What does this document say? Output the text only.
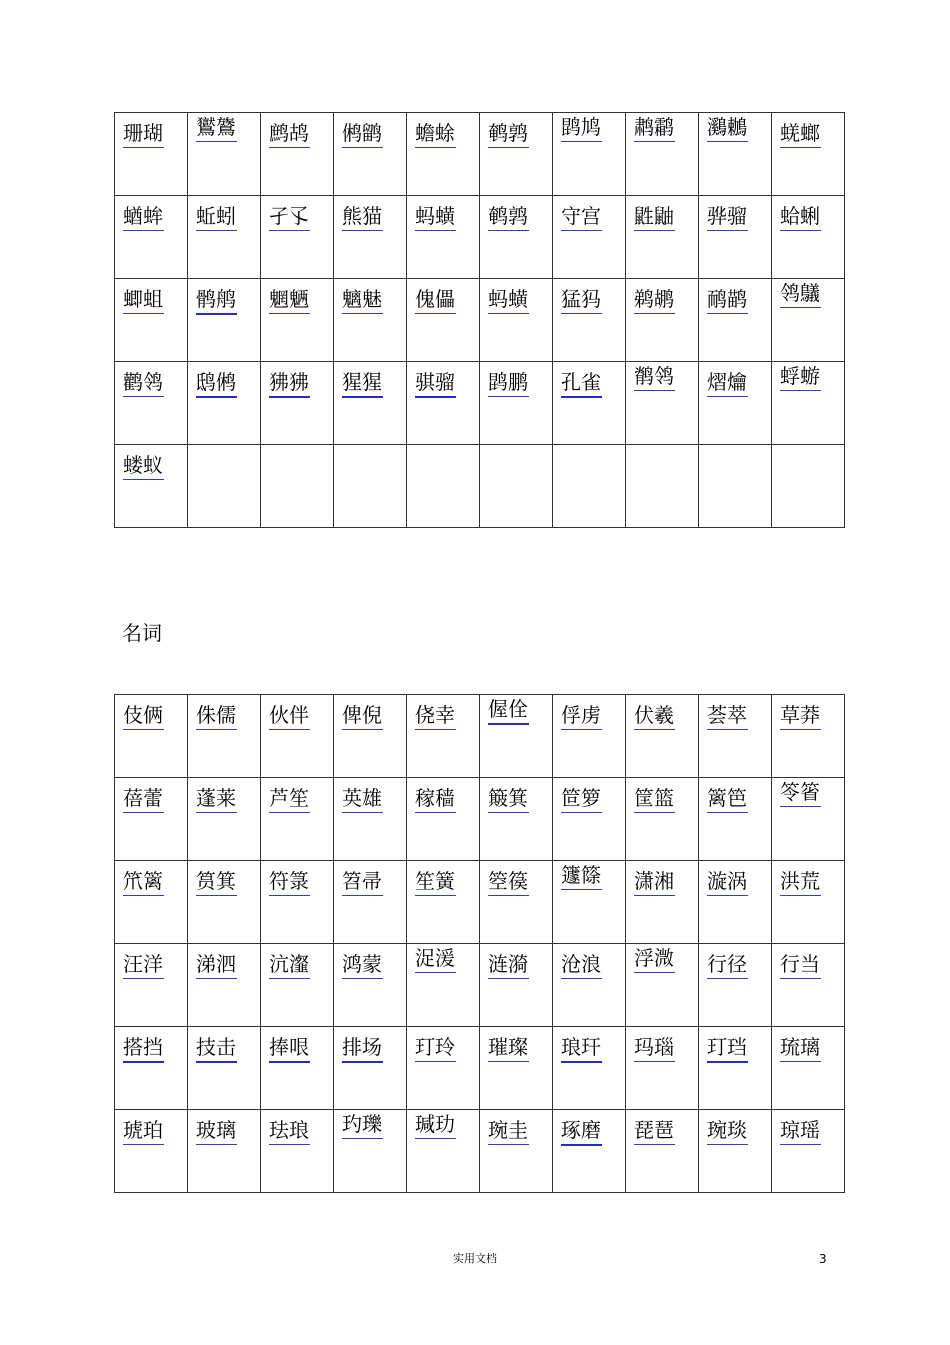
珊瑚	鸑鷟	鹧鸪	鸺鹠	蟾蜍	鹌鹑	鹍鸠	鹔鹴	鸂鶒	蜣螂

蝤蛑	蚯蚓	孑孓	熊猫	蚂蟥	鹌鹑	守宫	鼪鼬	骅骝	蛤蜊

蝍蛆	鹘鸼	魍魉	魑魅	傀儡	蚂蟥	猛犸	鹈鹕	鸸鹋	鸰鸃

鹳鸰	鸱鸺	狒狒	猩猩	骐骝	鹍鹏	孔雀	鹡鸰	熠爚	蜉蝣

蝼蚁									

名词
伎俩	侏儒	伙伴	俾倪	侥幸	偓佺	俘虏	伏羲	荟萃	草莽

蓓蕾	蓬莱	芦笙	英雄	稼穑	簸箕	笸箩	筐篮	篱笆	笭箵

笊篱	筼箕	符箓	笤帚	笙簧	箜篌	籧篨	潇湘	漩涡	洪荒

汪洋	涕泗	沆瀣	鸿蒙	浞湲	涟漪	沧浪	浮溦	行径	行当

搭挡	技击	捧哏	排场	玎玲	璀璨	琅玕	玛瑙	玎珰	琉璃

琥珀	玻璃	珐琅	玓瓅	瑊玏	琬圭	琢磨	琵琶	琬琰	琼瑶
实用文档	3
